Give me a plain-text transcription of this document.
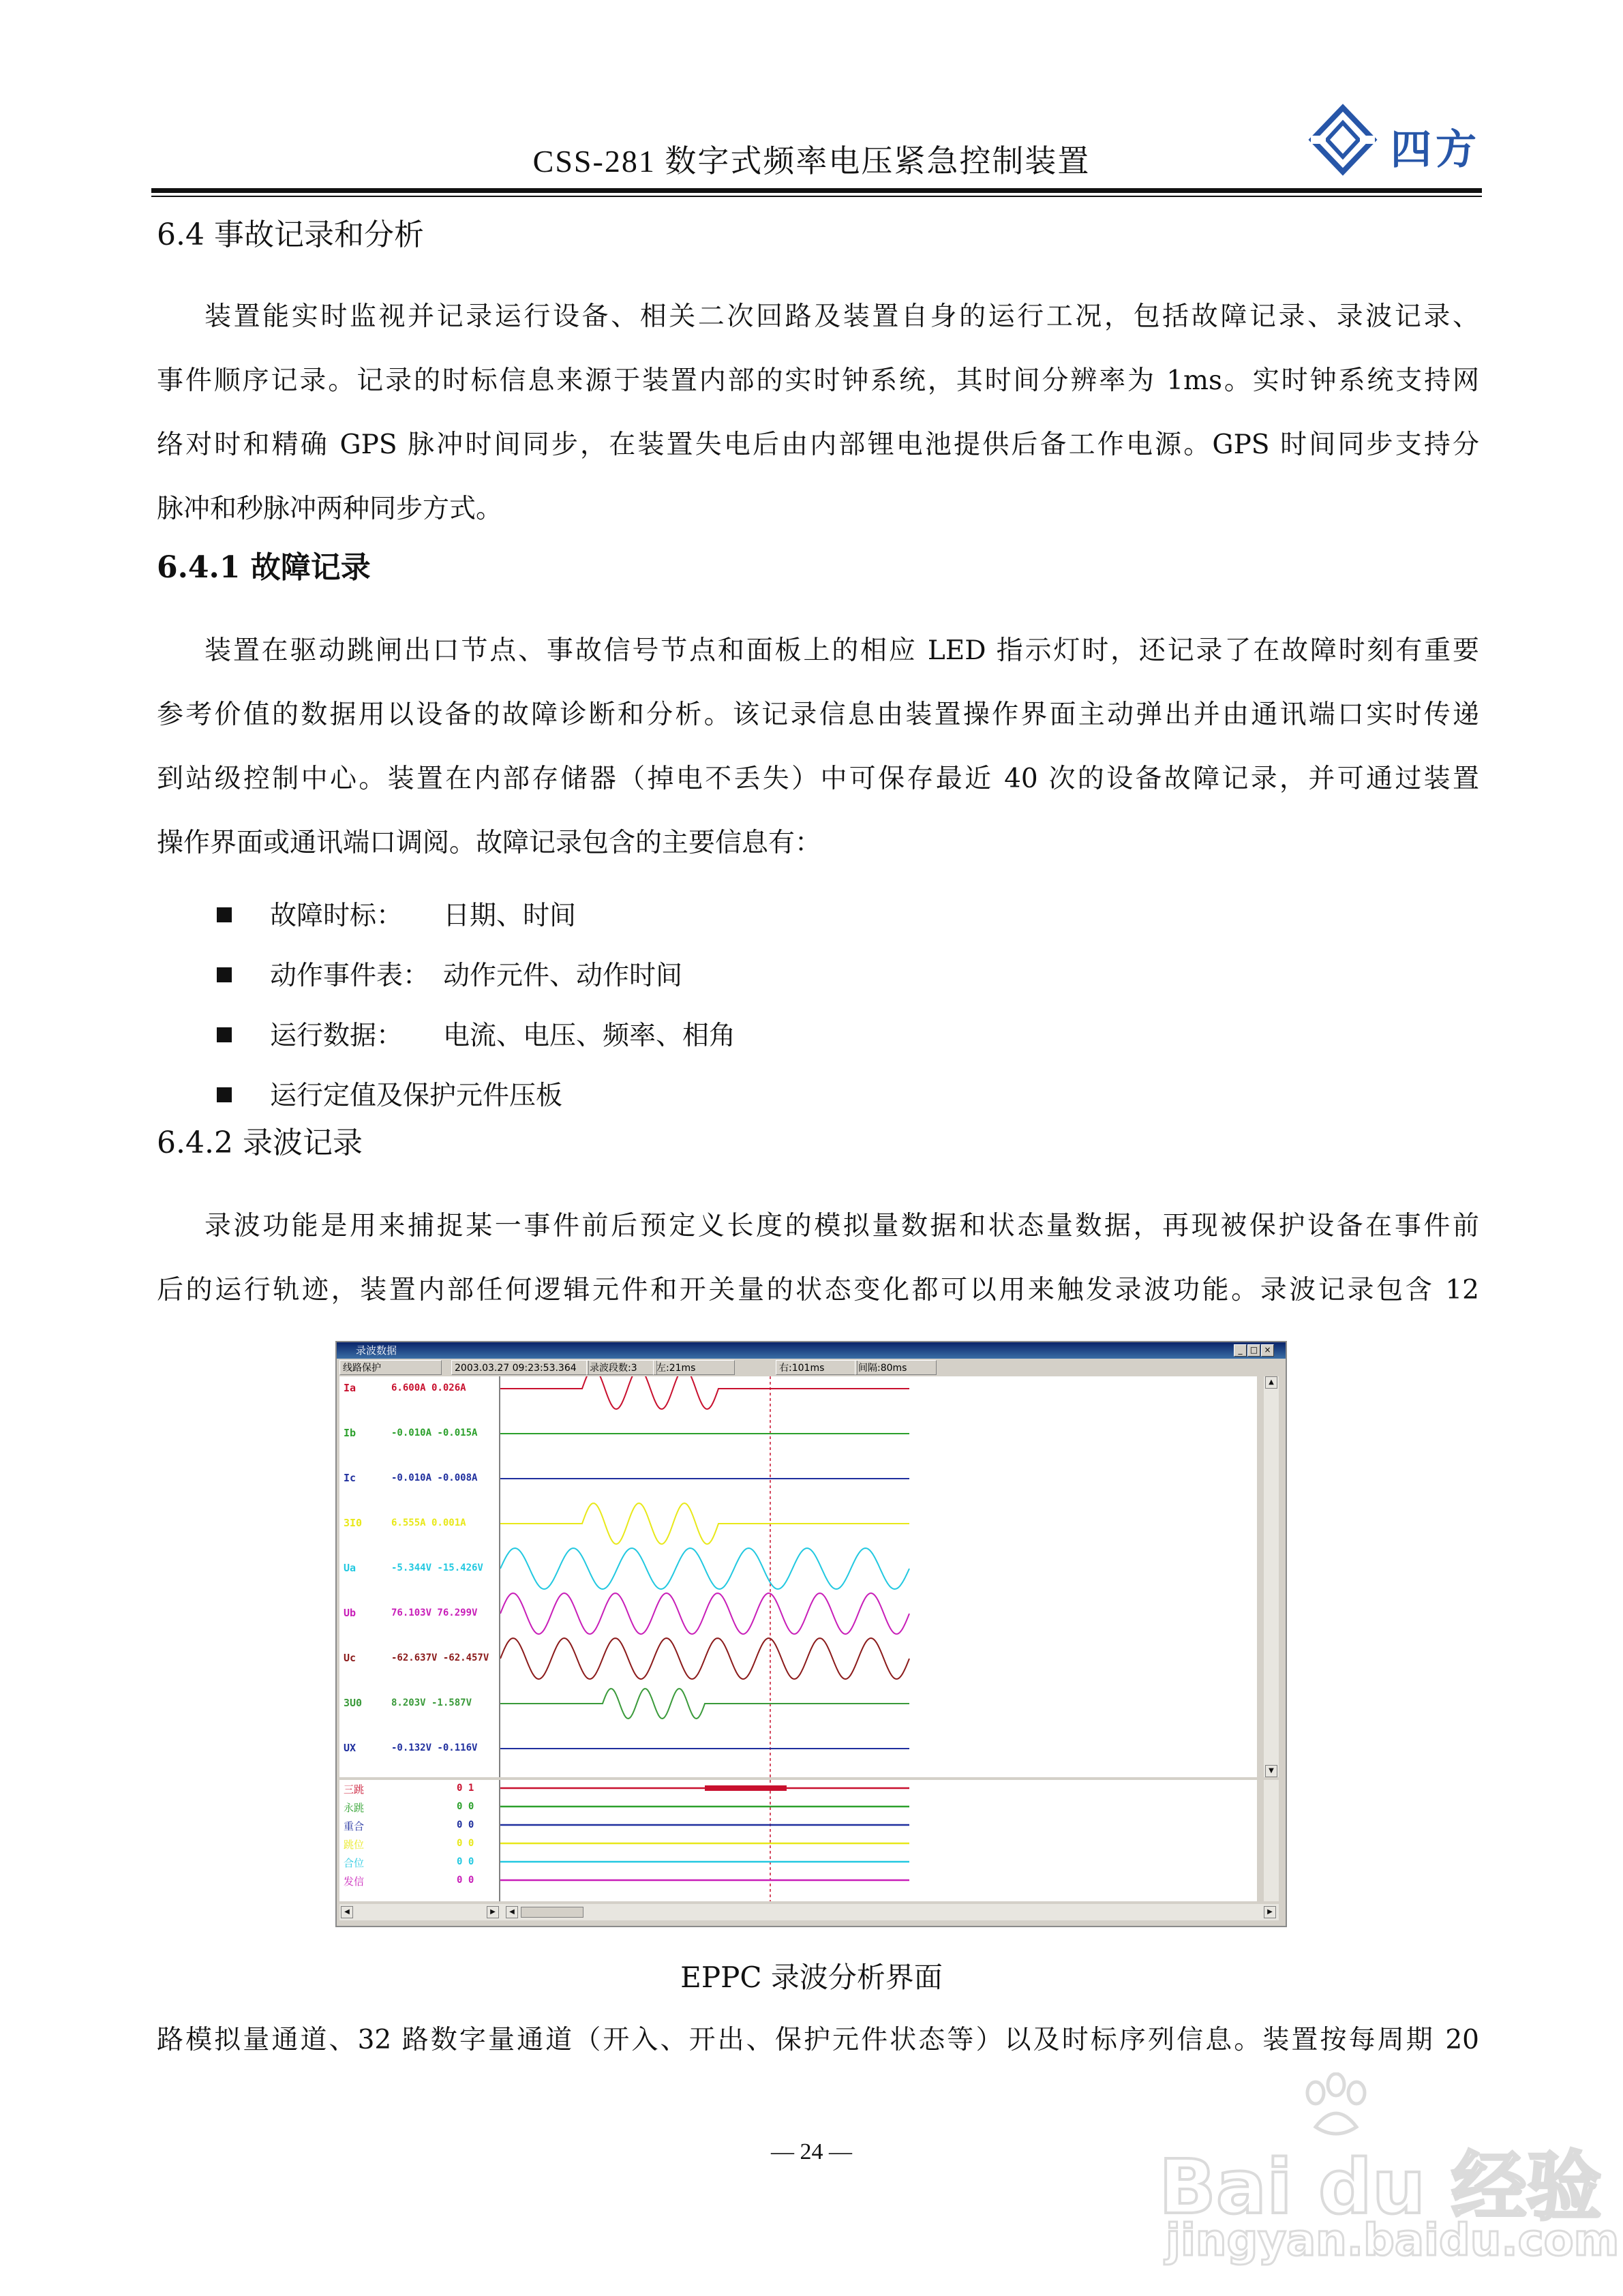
CSS-281 数字式频率电压紧急控制装置	四方
6.4 事故记录和分析
装置能实时监视并记录运行设备、相关二次回路及装置自身的运行工况，包括故障记录、录波记录、
事件顺序记录。记录的时标信息来源于装置内部的实时钟系统，其时间分辨率为 1ms。实时钟系统支持网
络对时和精确 GPS 脉冲时间同步，在装置失电后由内部锂电池提供后备工作电源。GPS 时间同步支持分
脉冲和秒脉冲两种同步方式。
6.4.1 故障记录
装置在驱动跳闸出口节点、事故信号节点和面板上的相应 LED 指示灯时，还记录了在故障时刻有重要
参考价值的数据用以设备的故障诊断和分析。该记录信息由装置操作界面主动弹出并由通讯端口实时传递
到站级控制中心。装置在内部存储器（掉电不丢失）中可保存最近 40 次的设备故障记录，并可通过装置
操作界面或通讯端口调阅。故障记录包含的主要信息有：
故障时标： 日期、时间
动作事件表： 动作元件、动作时间
运行数据： 电流、电压、频率、相角
运行定值及保护元件压板
6.4.2 录波记录
录波功能是用来捕捉某一事件前后预定义长度的模拟量数据和状态量数据，再现被保护设备在事件前
后的运行轨迹，装置内部任何逻辑元件和开关量的状态变化都可以用来触发录波功能。录波记录包含 12
录波数据	_ □ ×
线路保护	2003.03.27 09:23:53.364	录波段数:3	左:21ms	右:101ms	间隔:80ms
Ia	6.600A 0.026A
Ib	-0.010A -0.015A
Ic	-0.010A -0.008A
3I0	6.555A 0.001A
Ua	-5.344V -15.426V
Ub	76.103V 76.299V
Uc	-62.637V -62.457V
3U0	8.203V -1.587V
UX	-0.132V -0.116V
▲
▼
三跳	0 1
永跳	0 0
重合	0 0
跳位	0 0
合位	0 0
发信	0 0
◀	▶	◀	▶
EPPC 录波分析界面
路模拟量通道、32 路数字量通道（开入、开出、保护元件状态等）以及时标序列信息。装置按每周期 20
— 24 —	Bai du 经验
jingyan.baidu.com
